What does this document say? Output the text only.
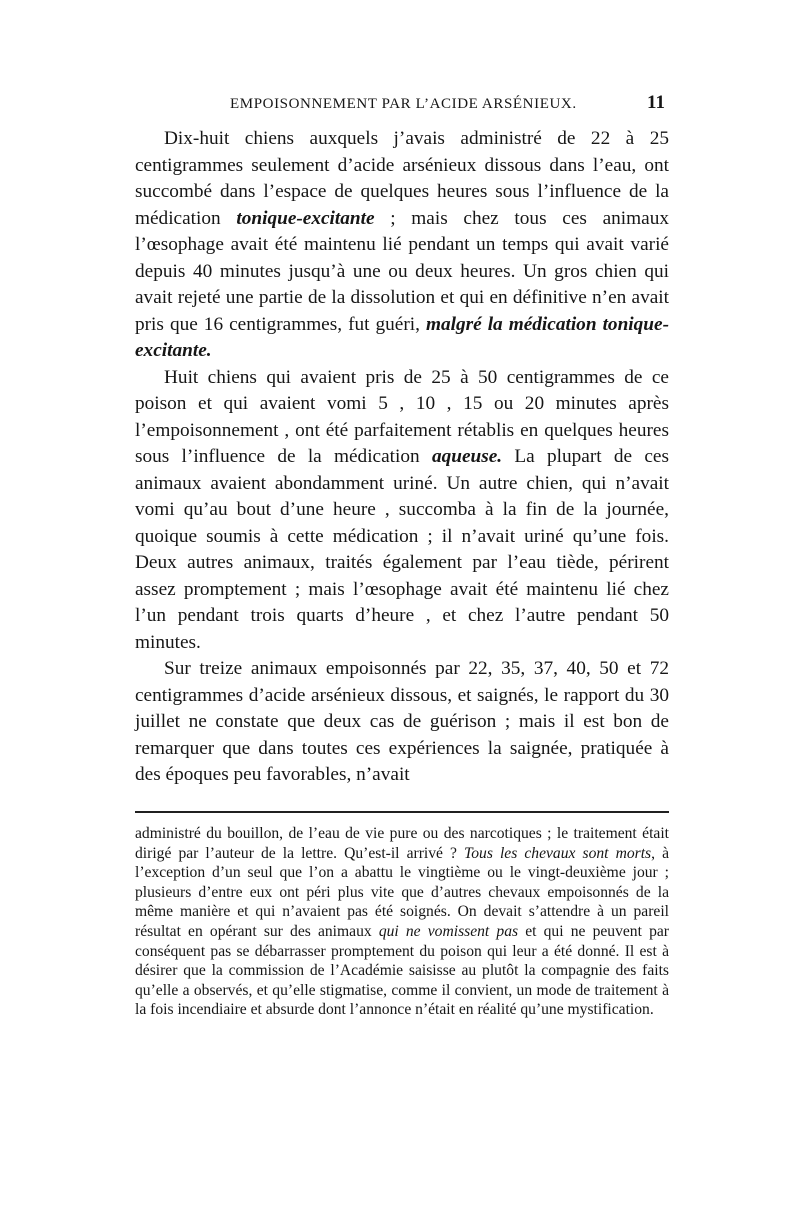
EMPOISONNEMENT PAR L’ACIDE ARSÉNIEUX.	11

Dix-huit chiens auxquels j’avais administré de 22 à 25 centigrammes seulement d’acide arsénieux dissous dans l’eau, ont succombé dans l’espace de quelques heures sous l’influence de la médication tonique-excitante ; mais chez tous ces animaux l’œsophage avait été maintenu lié pendant un temps qui avait varié depuis 40 minutes jusqu’à une ou deux heures. Un gros chien qui avait rejeté une partie de la dissolution et qui en définitive n’en avait pris que 16 centigrammes, fut guéri, malgré la médication tonique-excitante.

Huit chiens qui avaient pris de 25 à 50 centigrammes de ce poison et qui avaient vomi 5 , 10 , 15 ou 20 minutes après l’empoisonnement , ont été parfaitement rétablis en quelques heures sous l’influence de la médication aqueuse. La plupart de ces animaux avaient abondamment uriné. Un autre chien, qui n’avait vomi qu’au bout d’une heure , succomba à la fin de la journée, quoique soumis à cette médication ; il n’avait uriné qu’une fois. Deux autres animaux, traités également par l’eau tiède, périrent assez promptement ; mais l’œsophage avait été maintenu lié chez l’un pendant trois quarts d’heure , et chez l’autre pendant 50 minutes.

Sur treize animaux empoisonnés par 22, 35, 37, 40, 50 et 72 centigrammes d’acide arsénieux dissous, et saignés, le rapport du 30 juillet ne constate que deux cas de guérison ; mais il est bon de remarquer que dans toutes ces expériences la saignée, pratiquée à des époques peu favorables, n’avait

administré du bouillon, de l’eau de vie pure ou des narcotiques ; le traitement était dirigé par l’auteur de la lettre. Qu’est-il arrivé ? Tous les chevaux sont morts, à l’exception d’un seul que l’on a abattu le vingtième ou le vingt-deuxième jour ; plusieurs d’entre eux ont péri plus vite que d’autres chevaux empoisonnés de la même manière et qui n’avaient pas été soignés. On devait s’attendre à un pareil résultat en opérant sur des animaux qui ne vomissent pas et qui ne peuvent par conséquent pas se débarrasser promptement du poison qui leur a été donné. Il est à désirer que la commission de l’Académie saisisse au plutôt la compagnie des faits qu’elle a observés, et qu’elle stigmatise, comme il convient, un mode de traitement à la fois incendiaire et absurde dont l’annonce n’était en réalité qu’une mystification.
